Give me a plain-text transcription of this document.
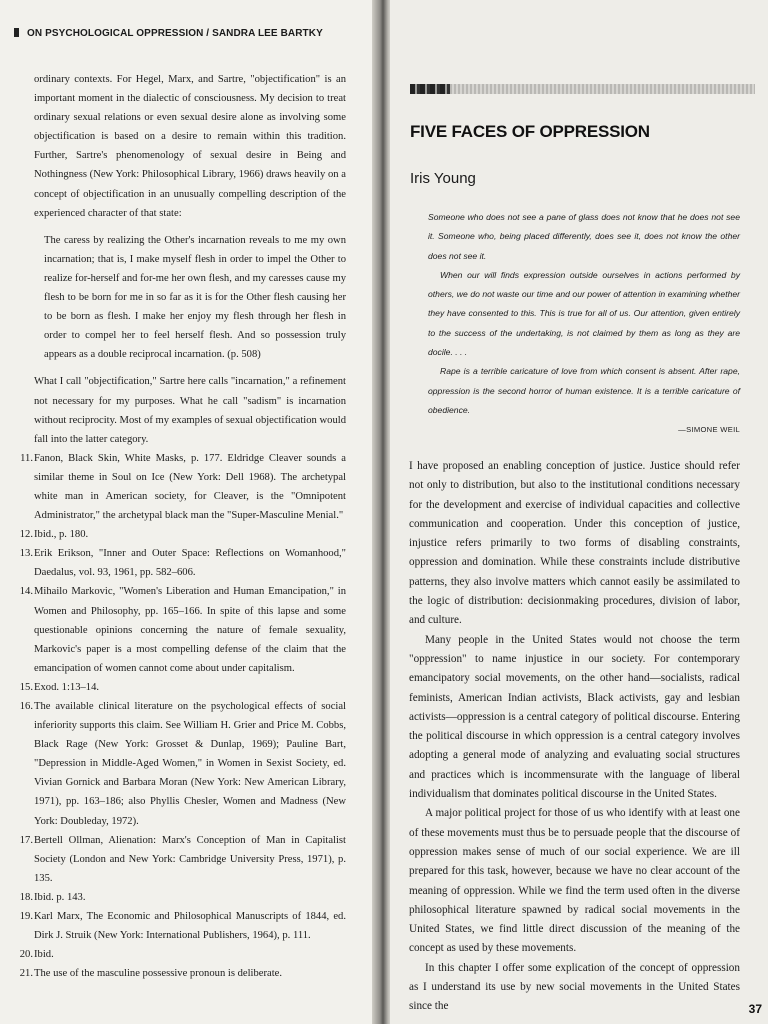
ON PSYCHOLOGICAL OPPRESSION / SANDRA LEE BARTKY

ordinary contexts. For Hegel, Marx, and Sartre, "objectification" is an important moment in the dialectic of consciousness. My decision to treat ordinary sexual relations or even sexual desire alone as involving some objectification is based on a desire to remain within this tradition. Further, Sartre's phenomenology of sexual desire in Being and Nothingness (New York: Philosophical Library, 1966) draws heavily on a concept of objectification in an unusually compelling description of the experienced character of that state:

The caress by realizing the Other's incarnation reveals to me my own incarnation; that is, I make myself flesh in order to impel the Other to realize for-herself and for-me her own flesh, and my caresses cause my flesh to be born for me in so far as it is for the Other flesh causing her to be born as flesh. I make her enjoy my flesh through her flesh in order to compel her to feel herself flesh. And so possession truly appears as a double reciprocal incarnation. (p. 508)

What I call "objectification," Sartre here calls "incarnation," a refinement not necessary for my purposes. What he call "sadism" is incarnation without reciprocity. Most of my examples of sexual objectification would fall into the latter category.

11. Fanon, Black Skin, White Masks, p. 177. Eldridge Cleaver sounds a similar theme in Soul on Ice (New York: Dell 1968). The archetypal white man in American society, for Cleaver, is the "Omnipotent Administrator," the archetypal black man the "Super-Masculine Menial."
12. Ibid., p. 180.
13. Erik Erikson, "Inner and Outer Space: Reflections on Womanhood," Daedalus, vol. 93, 1961, pp. 582–606.
14. Mihailo Markovic, "Women's Liberation and Human Emancipation," in Women and Philosophy, pp. 165–166. In spite of this lapse and some questionable opinions concerning the nature of female sexuality, Markovic's paper is a most compelling defense of the claim that the emancipation of women cannot come about under capitalism.
15. Exod. 1:13–14.
16. The available clinical literature on the psychological effects of social inferiority supports this claim. See William H. Grier and Price M. Cobbs, Black Rage (New York: Grosset & Dunlap, 1969); Pauline Bart, "Depression in Middle-Aged Women," in Women in Sexist Society, ed. Vivian Gornick and Barbara Moran (New York: New American Library, 1971), pp. 163–186; also Phyllis Chesler, Women and Madness (New York: Doubleday, 1972).
17. Bertell Ollman, Alienation: Marx's Conception of Man in Capitalist Society (London and New York: Cambridge University Press, 1971), p. 135.
18. Ibid. p. 143.
19. Karl Marx, The Economic and Philosophical Manuscripts of 1844, ed. Dirk J. Struik (New York: International Publishers, 1964), p. 111.
20. Ibid.
21. The use of the masculine possessive pronoun is deliberate.
FIVE FACES OF OPPRESSION
Iris Young

Someone who does not see a pane of glass does not know that he does not see it. Someone who, being placed differently, does see it, does not know the other does not see it.

When our will finds expression outside ourselves in actions performed by others, we do not waste our time and our power of attention in examining whether they have consented to this. This is true for all of us. Our attention, given entirely to the success of the undertaking, is not claimed by them as long as they are docile. . . .

Rape is a terrible caricature of love from which consent is absent. After rape, oppression is the second horror of human existence. It is a terrible caricature of obedience.

—SIMONE WEIL

I have proposed an enabling conception of justice. Justice should refer not only to distribution, but also to the institutional conditions necessary for the development and exercise of individual capacities and collective communication and cooperation. Under this conception of justice, injustice refers primarily to two forms of disabling constraints, oppression and domination. While these constraints include distributive patterns, they also involve matters which cannot easily be assimilated to the logic of distribution: decisionmaking procedures, division of labor, and culture.

Many people in the United States would not choose the term "oppression" to name injustice in our society. For contemporary emancipatory social movements, on the other hand—socialists, radical feminists, American Indian activists, Black activists, gay and lesbian activists—oppression is a central category of political discourse. Entering the political discourse in which oppression is a central category involves adopting a general mode of analyzing and evaluating social structures and practices which is incommensurate with the language of liberal individualism that dominates political discourse in the United States.

A major political project for those of us who identify with at least one of these movements must thus be to persuade people that the discourse of oppression makes sense of much of our social experience. We are ill prepared for this task, however, because we have no clear account of the meaning of oppression. While we find the term used often in the diverse philosophical literature spawned by radical social movements in the United States, we find little direct discussion of the meaning of the concept as used by these movements.

In this chapter I offer some explication of the concept of oppression as I understand its use by new social movements in the United States since the	37
